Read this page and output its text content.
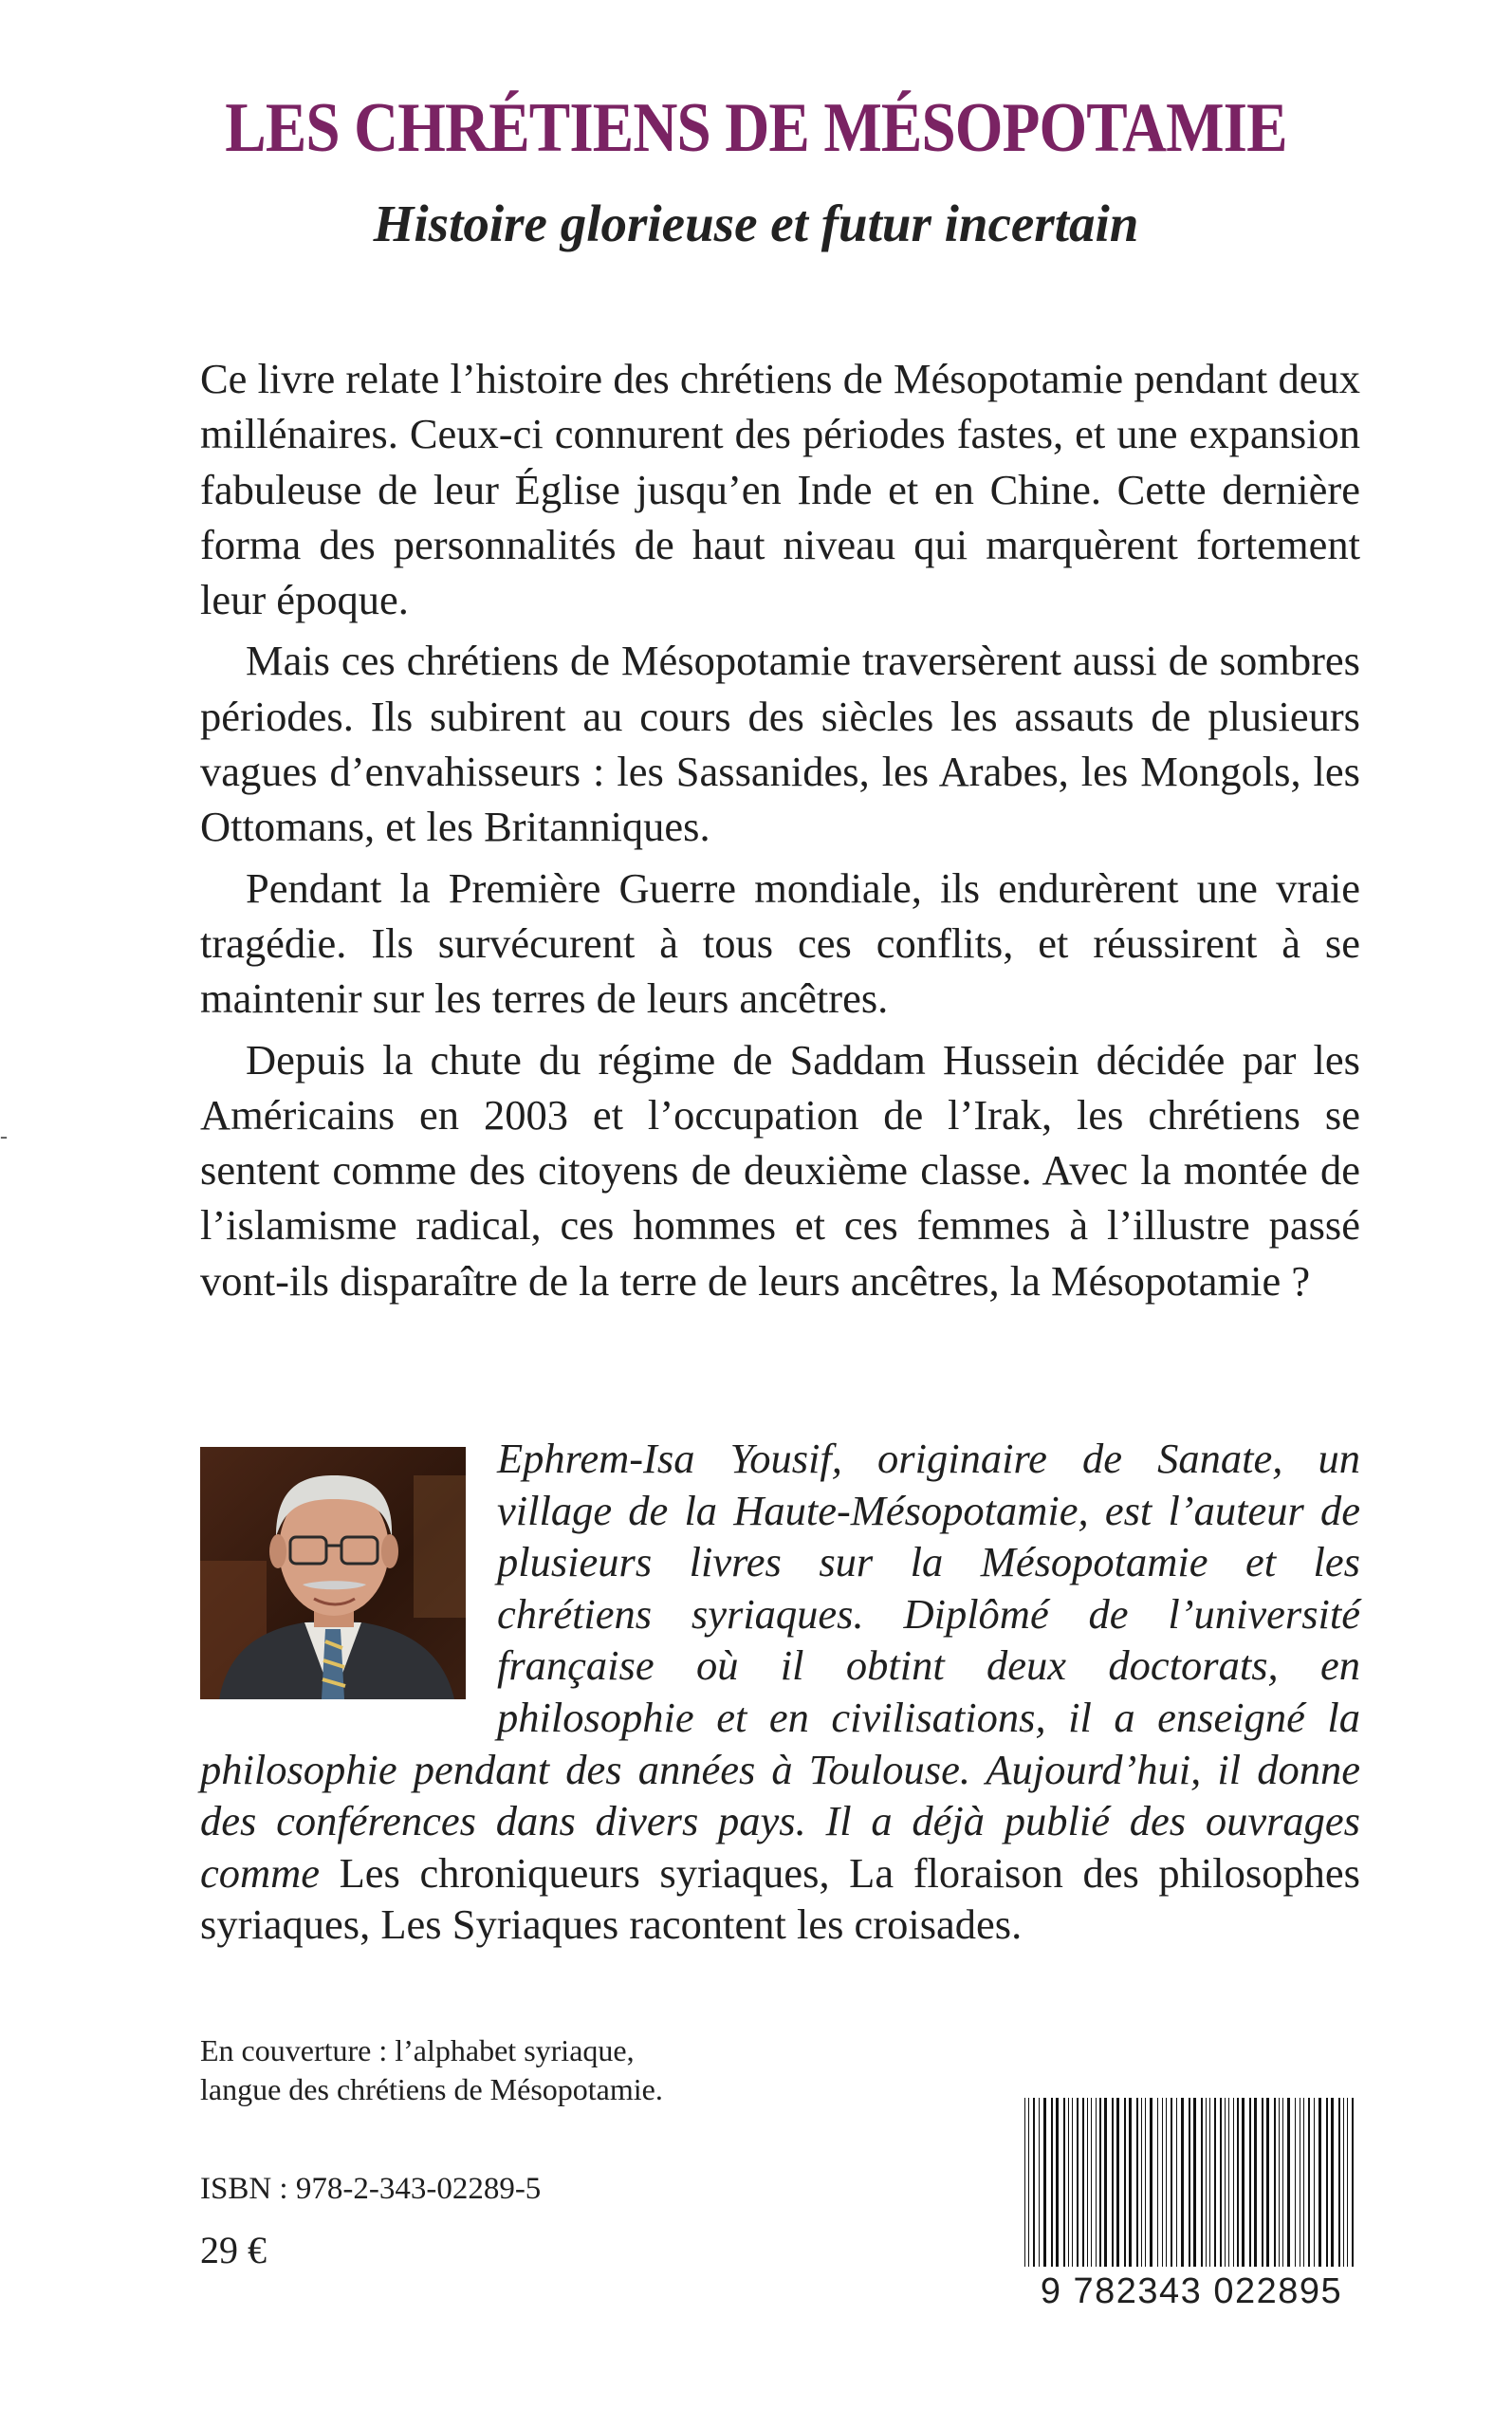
LES CHRÉTIENS DE MÉSOPOTAMIE
Histoire glorieuse et futur incertain

Ce livre relate l’histoire des chrétiens de Mésopotamie pendant deux millénaires. Ceux-ci connurent des périodes fastes, et une expansion fabuleuse de leur Église jusqu’en Inde et en Chine. Cette dernière forma des personnalités de haut niveau qui marquèrent fortement leur époque.

Mais ces chrétiens de Mésopotamie traversèrent aussi de sombres périodes. Ils subirent au cours des siècles les assauts de plusieurs vagues d’envahisseurs : les Sassanides, les Arabes, les Mongols, les Ottomans, et les Britanniques.

Pendant la Première Guerre mondiale, ils endurèrent une vraie tragédie. Ils survécurent à tous ces conflits, et réussirent à se maintenir sur les terres de leurs ancêtres.

Depuis la chute du régime de Saddam Hussein décidée par les Américains en 2003 et l’occupation de l’Irak, les chrétiens se sentent comme des citoyens de deuxième classe. Avec la montée de l’islamisme radical, ces hommes et ces femmes à l’illustre passé vont-ils disparaître de la terre de leurs ancêtres, la Mésopotamie ?

Ephrem-Isa Yousif, originaire de Sanate, un village de la Haute-Mésopotamie, est l’auteur de plusieurs livres sur la Mésopotamie et les chrétiens syriaques. Diplômé de l’université française où il obtint deux doctorats, en philosophie et en civilisations, il a enseigné la philosophie pendant des années à Toulouse. Aujourd’hui, il donne des conférences dans divers pays. Il a déjà publié des ouvrages comme Les chroniqueurs syriaques, La floraison des philosophes syriaques, Les Syriaques racontent les croisades.
En couverture : l’alphabet syriaque,
langue des chrétiens de Mésopotamie.
ISBN : 978-2-343-02289-5
29 €
9 782343 022895
-
